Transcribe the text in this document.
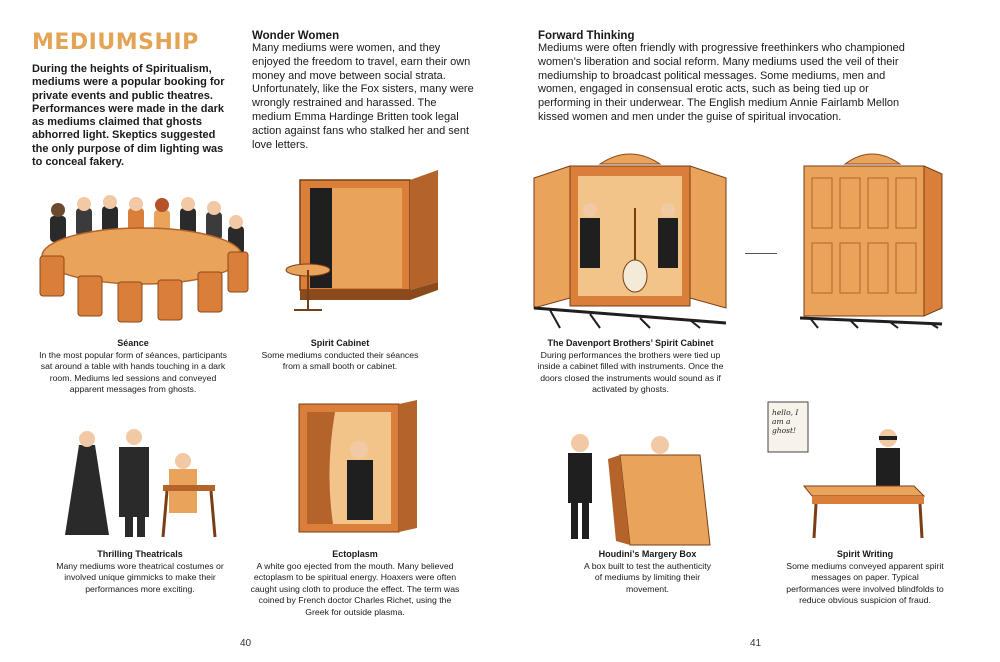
MEDIUMSHIP
During the heights of Spiritualism, mediums were a popular booking for private events and public theatres. Performances were made in the dark as mediums claimed that ghosts abhorred light. Skeptics suggested the only purpose of dim lighting was to conceal fakery.
Wonder Women
Many mediums were women, and they enjoyed the freedom to travel, earn their own money and move between social strata. Unfortunately, like the Fox sisters, many were wrongly restrained and harassed. The medium Emma Hardinge Britten took legal action against fans who stalked her and sent love letters.
Forward Thinking
Mediums were often friendly with progressive freethinkers who championed women’s liberation and social reform. Many mediums used the veil of their mediumship to broadcast political messages. Some mediums, men and women, engaged in consensual erotic acts, such as being tied up or performing in their underwear. The English medium Annie Fairlamb Mellon kissed women and men under the guise of spiritual invocation.
hello, I am a ghost!
Séance
In the most popular form of séances, participants sat around a table with hands touching in a dark room. Mediums led sessions and conveyed apparent messages from ghosts.
Spirit Cabinet
Some mediums conducted their séances from a small booth or cabinet.
Thrilling Theatricals
Many mediums wore theatrical costumes or involved unique gimmicks to make their performances more exciting.
Ectoplasm
A white goo ejected from the mouth. Many believed ectoplasm to be spiritual energy. Hoaxers were often caught using cloth to produce the effect. The term was coined by French doctor Charles Richet, using the Greek for outside plasma.
The Davenport Brothers’ Spirit Cabinet
During performances the brothers were tied up inside a cabinet filled with instruments. Once the doors closed the instruments would sound as if activated by ghosts.
Houdini’s Margery Box
A box built to test the authenticity of mediums by limiting their movement.
Spirit Writing
Some mediums conveyed apparent spirit messages on paper. Typical performances were involved blindfolds to reduce obvious suspicion of fraud.
40	41
